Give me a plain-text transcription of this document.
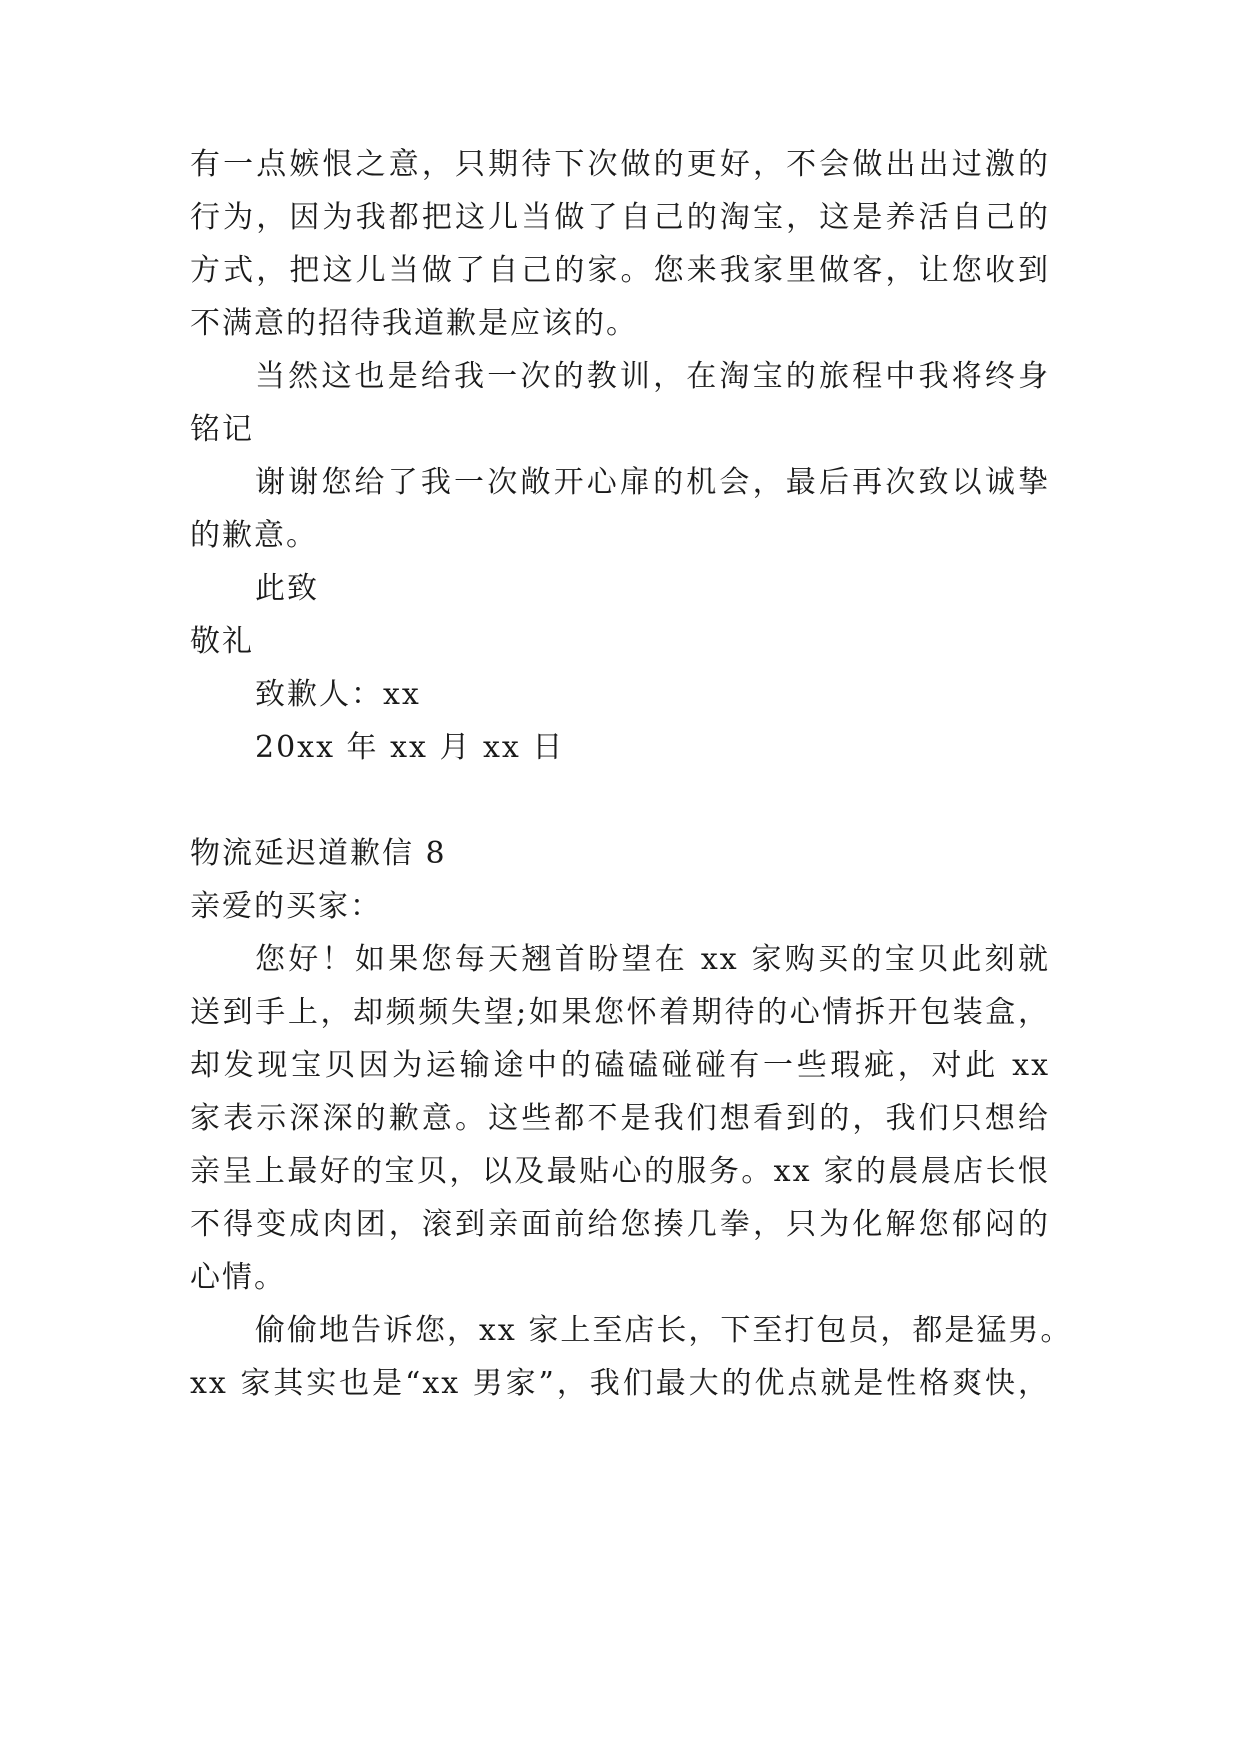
有一点嫉恨之意，只期待下次做的更好，不会做出出过激的
行为，因为我都把这儿当做了自己的淘宝，这是养活自己的
方式，把这儿当做了自己的家。您来我家里做客，让您收到
不满意的招待我道歉是应该的。
当然这也是给我一次的教训，在淘宝的旅程中我将终身
铭记
谢谢您给了我一次敞开心扉的机会，最后再次致以诚挚
的歉意。
此致
敬礼
致歉人：xx
20xx 年 xx 月 xx 日
物流延迟道歉信 8
亲爱的买家：
您好！如果您每天翘首盼望在 xx 家购买的宝贝此刻就
送到手上，却频频失望;如果您怀着期待的心情拆开包装盒，
却发现宝贝因为运输途中的磕磕碰碰有一些瑕疵，对此 xx
家表示深深的歉意。这些都不是我们想看到的，我们只想给
亲呈上最好的宝贝，以及最贴心的服务。xx 家的晨晨店长恨
不得变成肉团，滚到亲面前给您揍几拳，只为化解您郁闷的
心情。
偷偷地告诉您，xx 家上至店长，下至打包员，都是猛男。
xx 家其实也是“xx 男家”，我们最大的优点就是性格爽快，
